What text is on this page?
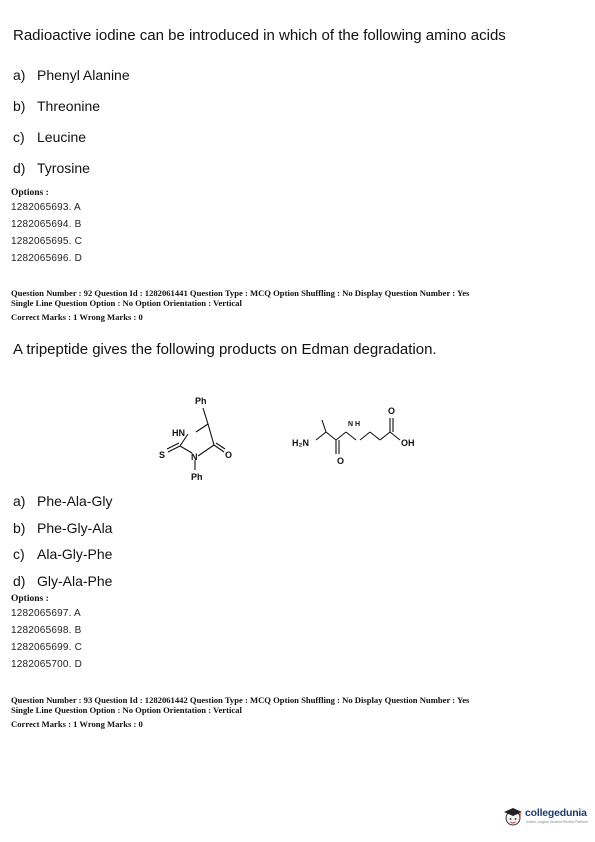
Radioactive iodine can be introduced in which of the following amino acids
a) Phenyl Alanine
b) Threonine
c) Leucine
d) Tyrosine
Options :
1282065693. A
1282065694. B
1282065695. C
1282065696. D
Question Number : 92 Question Id : 1282061441 Question Type : MCQ Option Shuffling : No Display Question Number : Yes
Single Line Question Option : No Option Orientation : Vertical
Correct Marks : 1 Wrong Marks : 0
A tripeptide gives the following products on Edman degradation.
Ph
HN
S	N	O
Ph
H₂N
O
N H
O
OH
a) Phe-Ala-Gly
b) Phe-Gly-Ala
c) Ala-Gly-Phe
d) Gly-Ala-Phe
Options :
1282065697. A
1282065698. B
1282065699. C
1282065700. D
Question Number : 93 Question Id : 1282061442 Question Type : MCQ Option Shuffling : No Display Question Number : Yes
Single Line Question Option : No Option Orientation : Vertical
Correct Marks : 1 Wrong Marks : 0
collegedunia
India's Largest Student Review Platform
